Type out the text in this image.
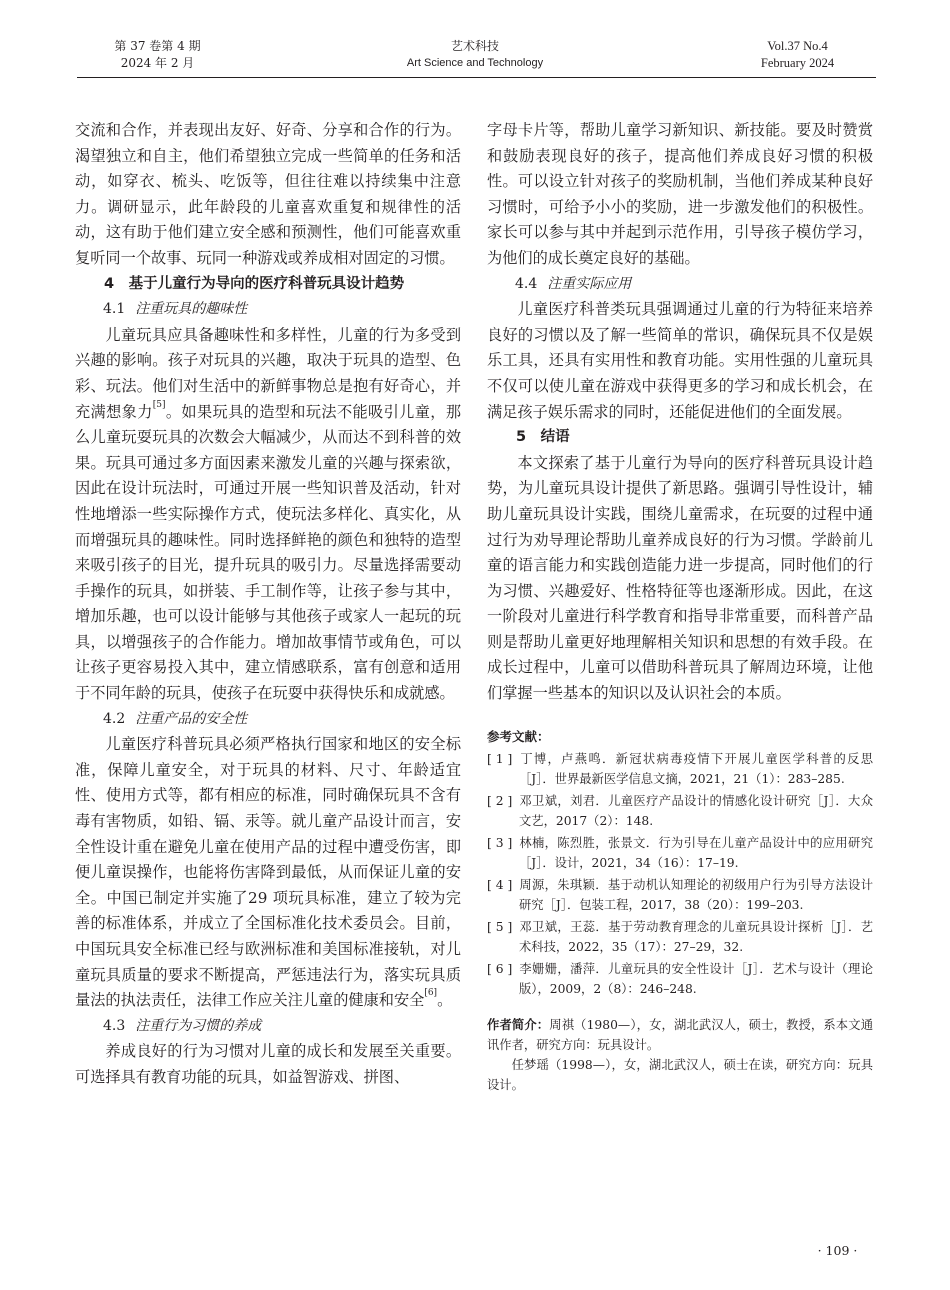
第 37 卷第 4 期
2024 年 2 月
艺术科技
Art Science and Technology
Vol.37 No.4
February 2024

交流和合作，并表现出友好、好奇、分享和合作的行为。渴望独立和自主，他们希望独立完成一些简单的任务和活动，如穿衣、梳头、吃饭等，但往往难以持续集中注意力。调研显示，此年龄段的儿童喜欢重复和规律性的活动，这有助于他们建立安全感和预测性，他们可能喜欢重复听同一个故事、玩同一种游戏或养成相对固定的习惯。

4　基于儿童行为导向的医疗科普玩具设计趋势
4.1 注重玩具的趣味性

儿童玩具应具备趣味性和多样性，儿童的行为多受到兴趣的影响。孩子对玩具的兴趣，取决于玩具的造型、色彩、玩法。他们对生活中的新鲜事物总是抱有好奇心，并充满想象力[5]。如果玩具的造型和玩法不能吸引儿童，那么儿童玩耍玩具的次数会大幅减少，从而达不到科普的效果。玩具可通过多方面因素来激发儿童的兴趣与探索欲，因此在设计玩法时，可通过开展一些知识普及活动，针对性地增添一些实际操作方式，使玩法多样化、真实化，从而增强玩具的趣味性。同时选择鲜艳的颜色和独特的造型来吸引孩子的目光，提升玩具的吸引力。尽量选择需要动手操作的玩具，如拼装、手工制作等，让孩子参与其中，增加乐趣，也可以设计能够与其他孩子或家人一起玩的玩具，以增强孩子的合作能力。增加故事情节或角色，可以让孩子更容易投入其中，建立情感联系，富有创意和适用于不同年龄的玩具，使孩子在玩耍中获得快乐和成就感。

4.2 注重产品的安全性

儿童医疗科普玩具必须严格执行国家和地区的安全标准，保障儿童安全，对于玩具的材料、尺寸、年龄适宜性、使用方式等，都有相应的标准，同时确保玩具不含有毒有害物质，如铅、镉、汞等。就儿童产品设计而言，安全性设计重在避免儿童在使用产品的过程中遭受伤害，即便儿童误操作，也能将伤害降到最低，从而保证儿童的安全。中国已制定并实施了29 项玩具标准，建立了较为完善的标准体系，并成立了全国标准化技术委员会。目前，中国玩具安全标准已经与欧洲标准和美国标准接轨，对儿童玩具质量的要求不断提高，严惩违法行为，落实玩具质量法的执法责任，法律工作应关注儿童的健康和安全[6]。

4.3 注重行为习惯的养成

养成良好的行为习惯对儿童的成长和发展至关重要。可选择具有教育功能的玩具，如益智游戏、拼图、

字母卡片等，帮助儿童学习新知识、新技能。要及时赞赏和鼓励表现良好的孩子，提高他们养成良好习惯的积极性。可以设立针对孩子的奖励机制，当他们养成某种良好习惯时，可给予小小的奖励，进一步激发他们的积极性。家长可以参与其中并起到示范作用，引导孩子模仿学习，为他们的成长奠定良好的基础。

4.4 注重实际应用

儿童医疗科普类玩具强调通过儿童的行为特征来培养良好的习惯以及了解一些简单的常识，确保玩具不仅是娱乐工具，还具有实用性和教育功能。实用性强的儿童玩具不仅可以使儿童在游戏中获得更多的学习和成长机会，在满足孩子娱乐需求的同时，还能促进他们的全面发展。

5　结语

本文探索了基于儿童行为导向的医疗科普玩具设计趋势，为儿童玩具设计提供了新思路。强调引导性设计，辅助儿童玩具设计实践，围绕儿童需求，在玩耍的过程中通过行为劝导理论帮助儿童养成良好的行为习惯。学龄前儿童的语言能力和实践创造能力进一步提高，同时他们的行为习惯、兴趣爱好、性格特征等也逐渐形成。因此，在这一阶段对儿童进行科学教育和指导非常重要，而科普产品则是帮助儿童更好地理解相关知识和思想的有效手段。在成长过程中，儿童可以借助科普玩具了解周边环境，让他们掌握一些基本的知识以及认识社会的本质。

参考文献：

[ 1 ] 丁博，卢燕鸣．新冠状病毒疫情下开展儿童医学科普的反思［J］．世界最新医学信息文摘，2021，21（1）：283–285.

[ 2 ] 邓卫斌，刘君．儿童医疗产品设计的情感化设计研究［J］．大众文艺，2017（2）：148.

[ 3 ] 林楠，陈烈胜，张景文．行为引导在儿童产品设计中的应用研究［J］．设计，2021，34（16）：17–19.

[ 4 ] 周源，朱琪颖．基于动机认知理论的初级用户行为引导方法设计研究［J］．包装工程，2017，38（20）：199–203.

[ 5 ] 邓卫斌，王蕊．基于劳动教育理念的儿童玩具设计探析［J］．艺术科技，2022，35（17）：27–29，32.

[ 6 ] 李姗姗，潘萍．儿童玩具的安全性设计［J］．艺术与设计（理论版），2009，2（8）：246–248.

作者简介：周祺（1980—），女，湖北武汉人，硕士，教授，系本文通讯作者，研究方向：玩具设计。
任梦瑶（1998—），女，湖北武汉人，硕士在读，研究方向：玩具设计。
· 109 ·
